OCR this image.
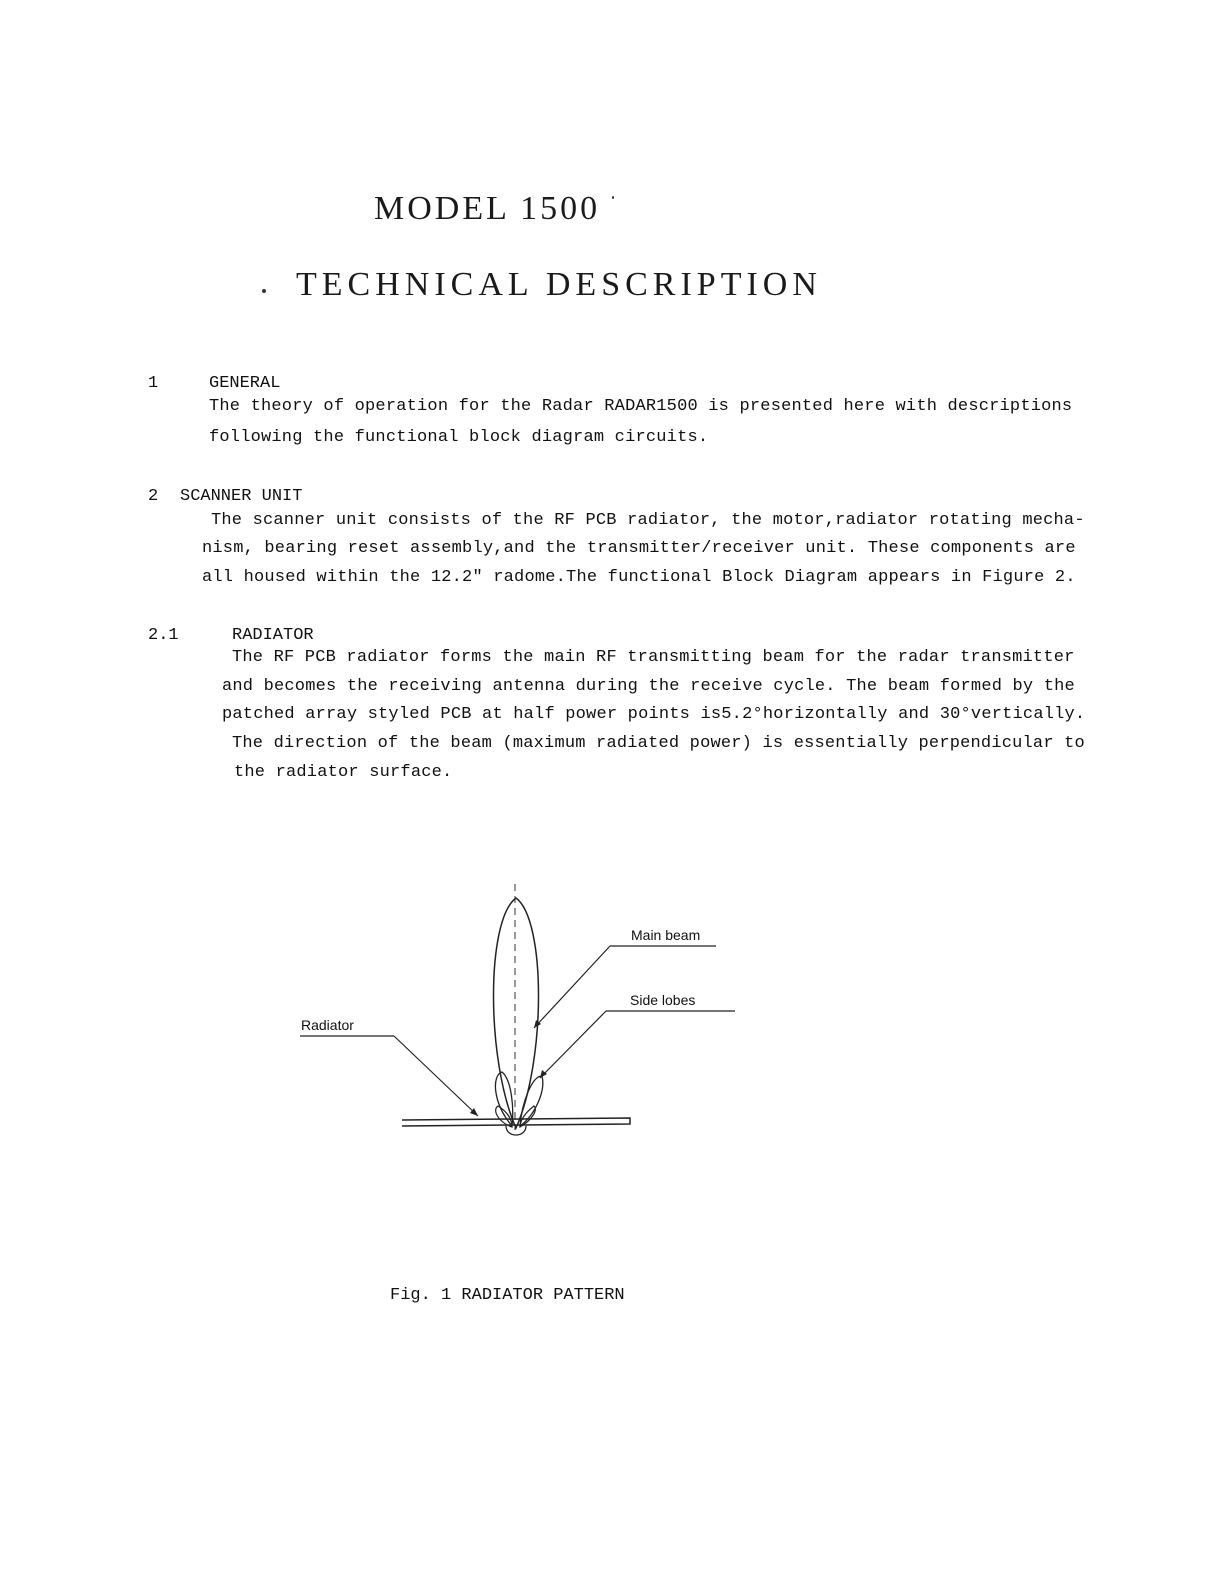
MODEL 1500
TECHNICAL DESCRIPTION
1	GENERAL
The theory of operation for the Radar RADAR1500 is presented here with descriptions
following the functional block diagram circuits.
2 SCANNER UNIT
The scanner unit consists of the RF PCB radiator, the motor,radiator rotating mecha-
nism, bearing reset assembly,and the transmitter/receiver unit. These components are
all housed within the 12.2" radome.The functional Block Diagram appears in Figure 2.
2.1	RADIATOR
The RF PCB radiator forms the main RF transmitting beam for the radar transmitter
and becomes the receiving antenna during the receive cycle. The beam formed by the
patched array styled PCB at half power points is5.2°horizontally and 30°vertically.
The direction of the beam (maximum radiated power) is essentially perpendicular to
the radiator surface.
Main beam
Side lobes
Radiator
Fig. 1 RADIATOR PATTERN
